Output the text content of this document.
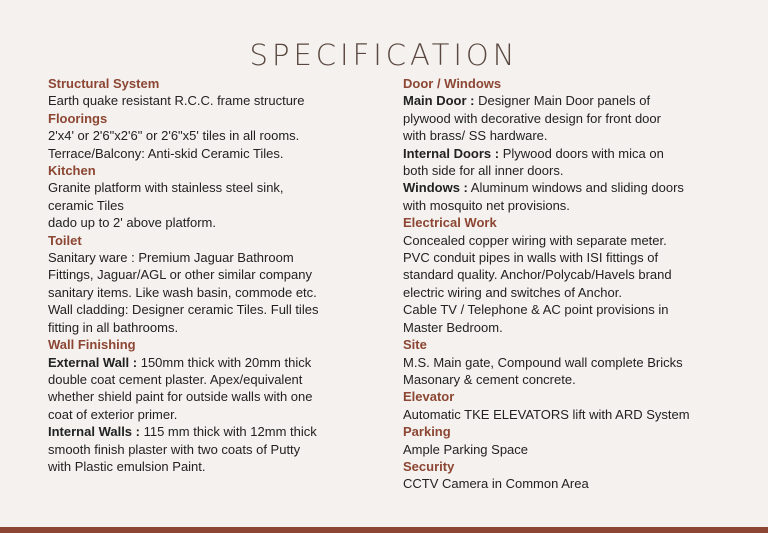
SPECIFICATION
Structural System
Earth quake resistant R.C.C. frame structure
Floorings
2'x4' or 2'6"x2'6" or 2'6"x5' tiles in all rooms.
Terrace/Balcony: Anti-skid Ceramic Tiles.
Kitchen
Granite platform with stainless steel sink,
ceramic Tiles
dado up to 2' above platform.
Toilet
Sanitary ware : Premium Jaguar Bathroom
Fittings, Jaguar/AGL or other similar company
sanitary items. Like wash basin, commode etc.
Wall cladding: Designer ceramic Tiles. Full tiles
fitting in all bathrooms.
Wall Finishing
External Wall : 150mm thick with 20mm thick
double coat cement plaster. Apex/equivalent
whether shield paint for outside walls with one
coat of exterior primer.
Internal Walls : 115 mm thick with 12mm thick
smooth finish plaster with two coats of Putty
with Plastic emulsion Paint.
Door / Windows
Main Door : Designer Main Door panels of
plywood with decorative design for front door
with brass/ SS hardware.
Internal Doors : Plywood doors with mica on
both side for all inner doors.
Windows : Aluminum windows and sliding doors
with mosquito net provisions.
Electrical Work
Concealed copper wiring with separate meter.
PVC conduit pipes in walls with ISI fittings of
standard quality. Anchor/Polycab/Havels brand
electric wiring and switches of Anchor.
Cable TV / Telephone & AC point provisions in
Master Bedroom.
Site
M.S. Main gate, Compound wall complete Bricks
Masonary & cement concrete.
Elevator
Automatic TKE ELEVATORS lift with ARD System
Parking
Ample Parking Space
Security
CCTV Camera in Common Area
